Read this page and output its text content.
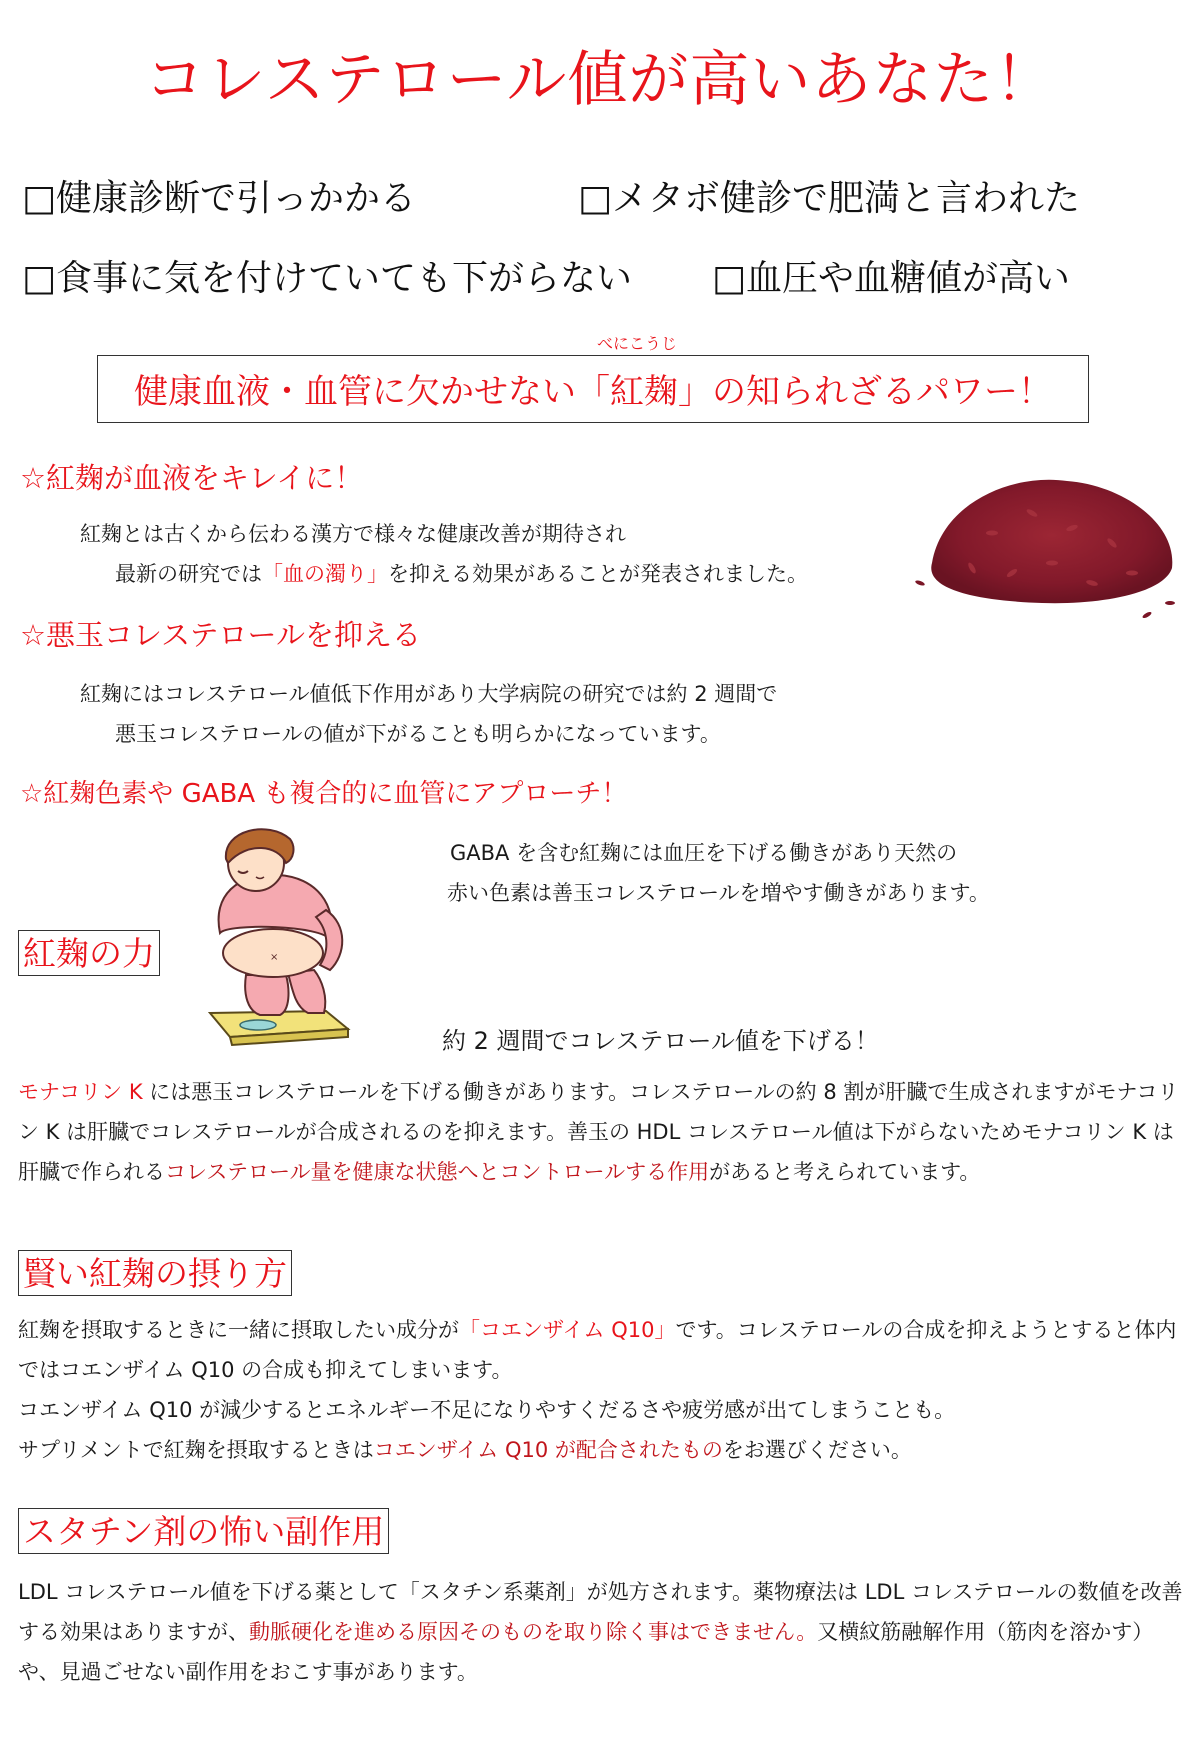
コレステロール値が高いあなた！
□健康診断で引っかかる	□メタボ健診で肥満と言われた
□食事に気を付けていても下がらない □血圧や血糖値が高い
べにこうじ
健康血液・血管に欠かせない「紅麹」の知られざるパワー！
☆紅麹が血液をキレイに！
紅麹とは古くから伝わる漢方で様々な健康改善が期待され
最新の研究では「血の濁り」を抑える効果があることが発表されました。
☆悪玉コレステロールを抑える
紅麹にはコレステロール値低下作用があり大学病院の研究では約 2 週間で
悪玉コレステロールの値が下がることも明らかになっています。
☆紅麹色素や GABA も複合的に血管にアプローチ！
GABA を含む紅麹には血圧を下げる働きがあり天然の
赤い色素は善玉コレステロールを増やす働きがあります。
×
紅麹の力
約 2 週間でコレステロール値を下げる！
モナコリン K には悪玉コレステロールを下げる働きがあります。コレステロールの約 8 割が肝臓で生成されますがモナコリン K は肝臓でコレステロールが合成されるのを抑えます。善玉の HDL コレステロール値は下がらないためモナコリン K は肝臓で作られるコレステロール量を健康な状態へとコントロールする作用があると考えられています。
賢い紅麹の摂り方
紅麹を摂取するときに一緒に摂取したい成分が「コエンザイム Q10」です。コレステロールの合成を抑えようとすると体内ではコエンザイム Q10 の合成も抑えてしまいます。
コエンザイム Q10 が減少するとエネルギー不足になりやすくだるさや疲労感が出てしまうことも。
サプリメントで紅麹を摂取するときはコエンザイム Q10 が配合されたものをお選びください。
スタチン剤の怖い副作用
LDL コレステロール値を下げる薬として「スタチン系薬剤」が処方されます。薬物療法は LDL コレステロールの数値を改善する効果はありますが、動脈硬化を進める原因そのものを取り除く事はできません。又横紋筋融解作用（筋肉を溶かす）や、見過ごせない副作用をおこす事があります。
